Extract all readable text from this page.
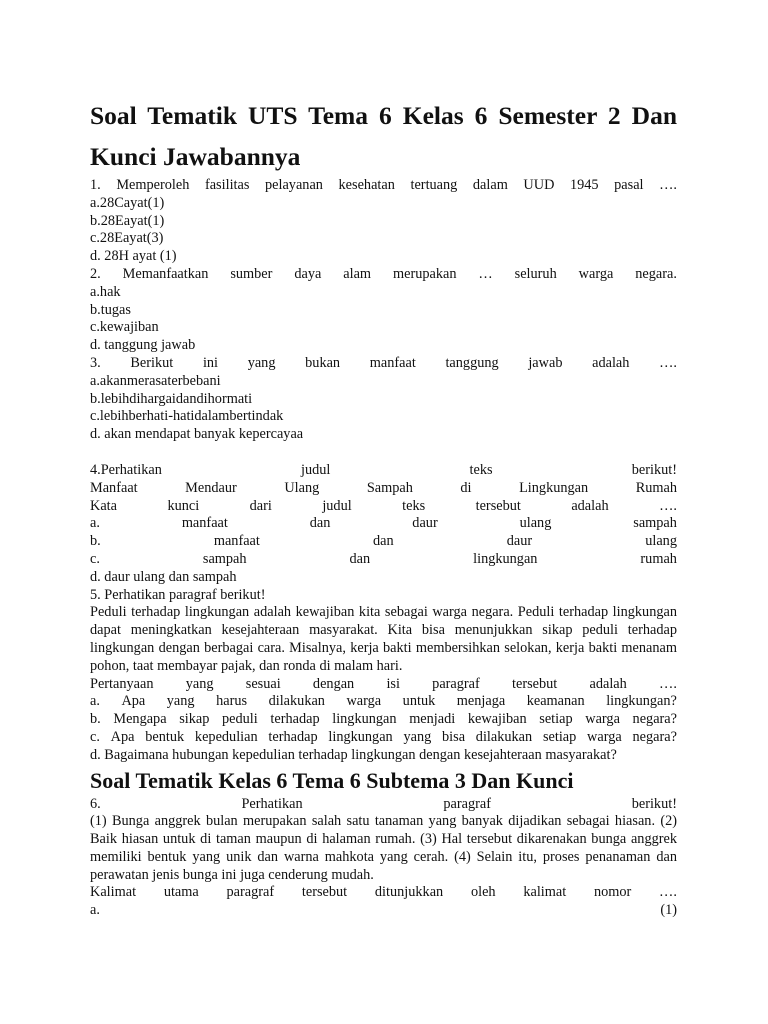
Soal Tematik UTS Tema 6 Kelas 6 Semester 2 Dan Kunci Jawabannya
1. Memperoleh fasilitas pelayanan kesehatan tertuang dalam UUD 1945 pasal ….
a.28Cayat(1)
b.28Eayat(1)
c.28Eayat(3)
d. 28H ayat (1)
2. Memanfaatkan sumber daya alam merupakan … seluruh warga negara.
a.hak
b.tugas
c.kewajiban
d. tanggung jawab
3. Berikut ini yang bukan manfaat tanggung jawab adalah ….
a.akanmerasaterbebani
b.lebihdihargaidandihormati
c.lebihberhati-hatidalambertindak
d. akan mendapat banyak kepercayaa
4.Perhatikan	judul	teks	berikut!
Manfaat	Mendaur	Ulang	Sampah	di	Lingkungan	Rumah
Kata	kunci	dari	judul	teks	tersebut	adalah	….
a.	manfaat	dan	daur	ulang	sampah
b.	manfaat	dan	daur	ulang
c.	sampah	dan	lingkungan	rumah
d. daur ulang dan sampah
5. Perhatikan paragraf berikut!

Peduli terhadap lingkungan adalah kewajiban kita sebagai warga negara. Peduli terhadap lingkungan dapat meningkatkan kesejahteraan masyarakat. Kita bisa menunjukkan sikap peduli terhadap lingkungan dengan berbagai cara. Misalnya, kerja bakti membersihkan selokan, kerja bakti menanam pohon, taat membayar pajak, dan ronda di malam hari.

Pertanyaan yang sesuai dengan isi paragraf tersebut adalah ….
a. Apa yang harus dilakukan warga untuk menjaga keamanan lingkungan?
b. Mengapa sikap peduli terhadap lingkungan menjadi kewajiban setiap warga negara?
c. Apa bentuk kepedulian terhadap lingkungan yang bisa dilakukan setiap warga negara?
d. Bagaimana hubungan kepedulian terhadap lingkungan dengan kesejahteraan masyarakat?
Soal Tematik Kelas 6 Tema 6 Subtema 3 Dan Kunci
6.	Perhatikan	paragraf	berikut!

(1) Bunga anggrek bulan merupakan salah satu tanaman yang banyak dijadikan sebagai hiasan. (2) Baik hiasan untuk di taman maupun di halaman rumah. (3) Hal tersebut dikarenakan bunga anggrek memiliki bentuk yang unik dan warna mahkota yang cerah. (4) Selain itu, proses penanaman dan perawatan jenis bunga ini juga cenderung mudah.

Kalimat utama paragraf tersebut ditunjukkan oleh kalimat nomor ….
a.	(1)
